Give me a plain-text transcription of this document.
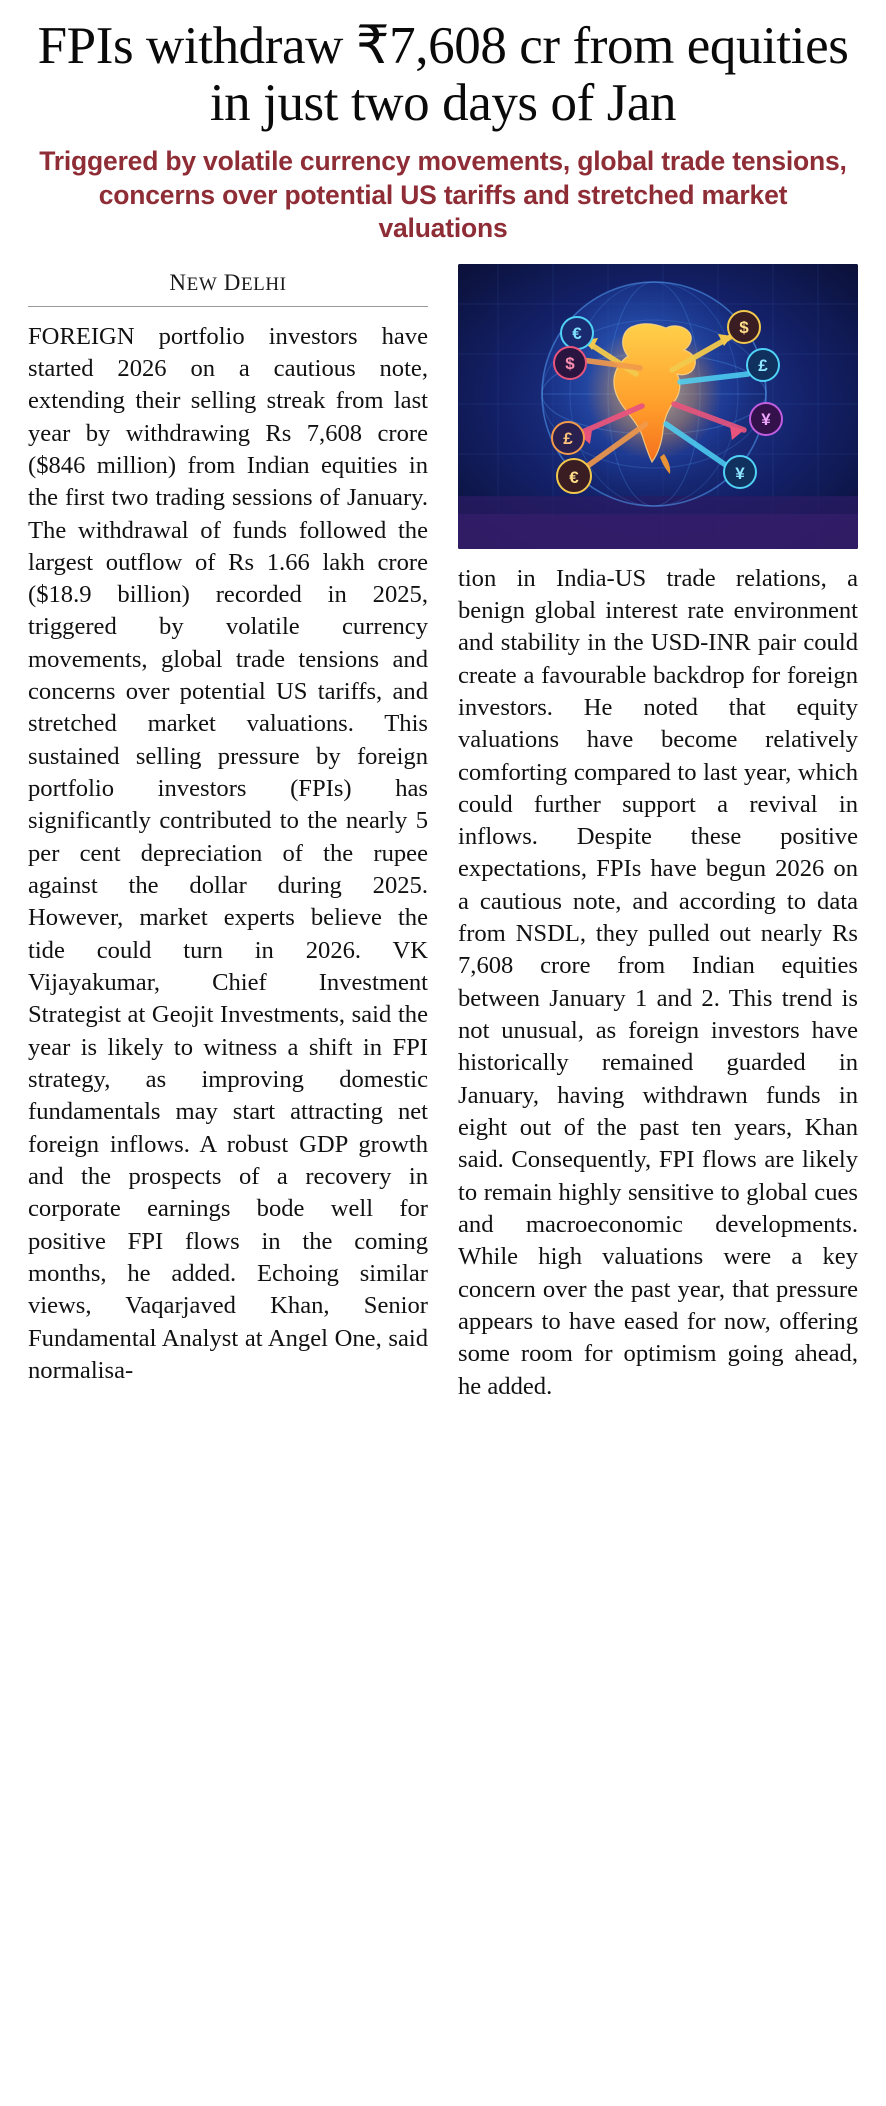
FPIs withdraw ₹7,608 cr from equities in just two days of Jan
Triggered by volatile currency movements, global trade tensions, concerns over potential US tariffs and stretched market valuations
NEW DELHI
FOREIGN portfolio investors have started 2026 on a cautious note, extending their selling streak from last year by withdrawing Rs 7,608 crore ($846 million) from Indian equities in the first two trading sessions of January. The withdrawal of funds followed the largest outflow of Rs 1.66 lakh crore ($18.9 billion) recorded in 2025, triggered by volatile currency movements, global trade tensions and concerns over potential US tariffs, and stretched market valuations. This sustained selling pressure by foreign portfolio investors (FPIs) has significantly contributed to the nearly 5 per cent depreciation of the rupee against the dollar during 2025. However, market experts believe the tide could turn in 2026. VK Vijayakumar, Chief Investment Strategist at Geojit Investments, said the year is likely to witness a shift in FPI strategy, as improving domestic fundamentals may start attracting net foreign inflows. A robust GDP growth and the prospects of a recovery in corporate earnings bode well for positive FPI flows in the coming months, he added. Echoing similar views, Vaqarjaved Khan, Senior Fundamental Analyst at Angel One, said normalisa-
€
$
£
€
$
£
¥
¥
tion in India-US trade relations, a benign global interest rate environment and stability in the USD-INR pair could create a favourable backdrop for foreign investors. He noted that equity valuations have become relatively comforting compared to last year, which could further support a revival in inflows. Despite these positive expectations, FPIs have begun 2026 on a cautious note, and according to data from NSDL, they pulled out nearly Rs 7,608 crore from Indian equities between January 1 and 2. This trend is not unusual, as foreign investors have historically remained guarded in January, having withdrawn funds in eight out of the past ten years, Khan said. Consequently, FPI flows are likely to remain highly sensitive to global cues and macroeconomic developments. While high valuations were a key concern over the past year, that pressure appears to have eased for now, offering some room for optimism going ahead, he added.
